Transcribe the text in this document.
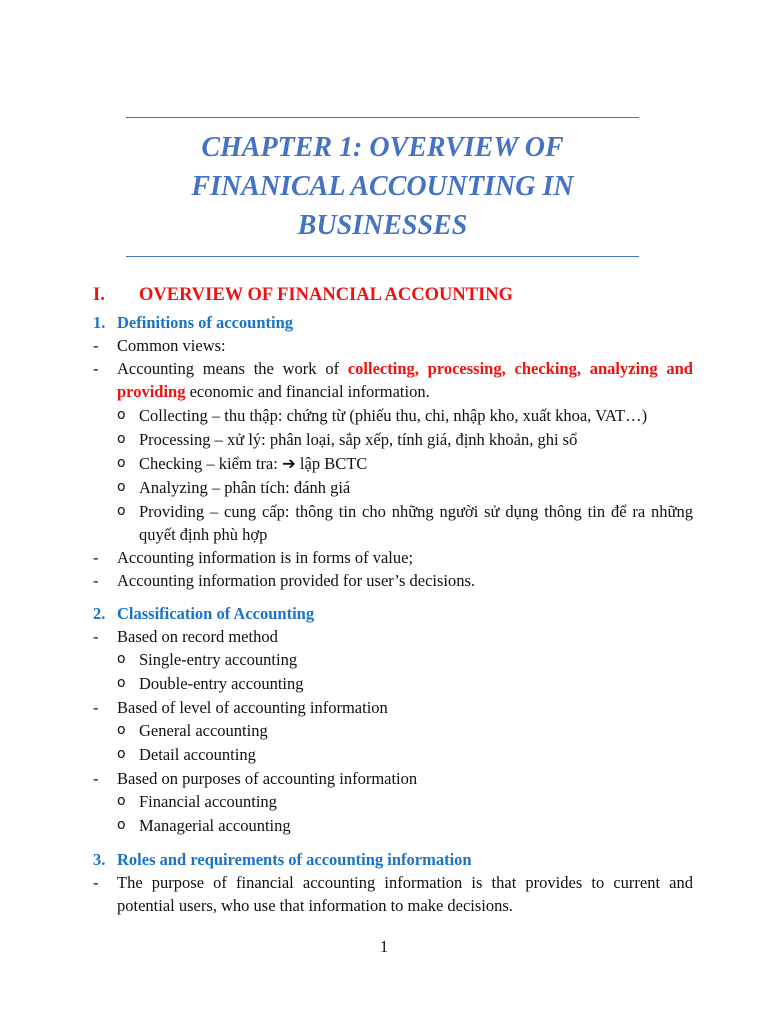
CHAPTER 1: OVERVIEW OF
FINANICAL ACCOUNTING IN
BUSINESSES
I. OVERVIEW OF FINANCIAL ACCOUNTING
1. Definitions of accounting
- Common views:
- Accounting means the work of collecting, processing, checking, analyzing and providing economic and financial information.
o Collecting – thu thập: chứng từ (phiếu thu, chi, nhập kho, xuất khoa, VAT…)
o Processing – xử lý: phân loại, sắp xếp, tính giá, định khoản, ghi sổ
o Checking – kiểm tra: ➔ lập BCTC
o Analyzing – phân tích: đánh giá
o Providing – cung cấp: thông tin cho những người sử dụng thông tin để ra những quyết định phù hợp
- Accounting information is in forms of value;
- Accounting information provided for user’s decisions.
2. Classification of Accounting
- Based on record method
o Single-entry accounting
o Double-entry accounting
- Based of level of accounting information
o General accounting
o Detail accounting
- Based on purposes of accounting information
o Financial accounting
o Managerial accounting
3. Roles and requirements of accounting information
- The purpose of financial accounting information is that provides to current and potential users, who use that information to make decisions.
1
